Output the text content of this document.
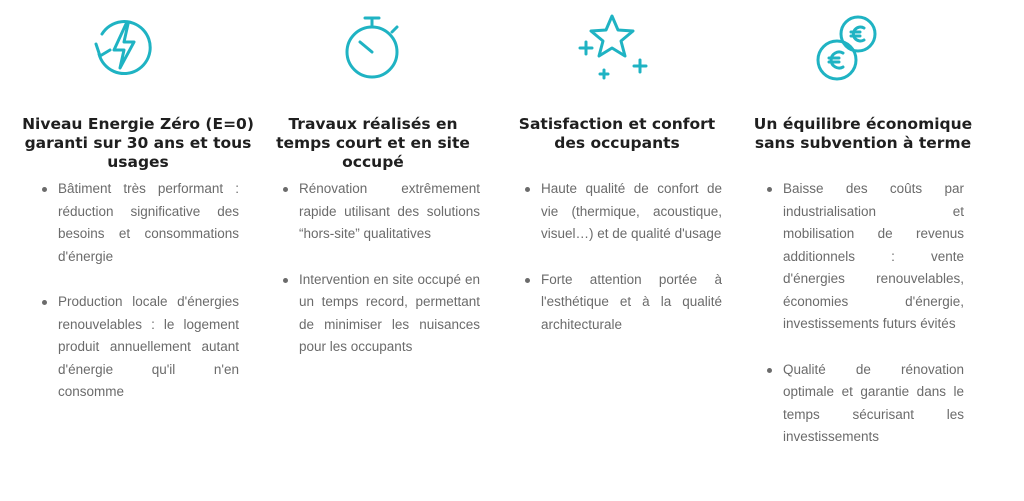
Niveau Energie Zéro (E=0) garanti sur 30 ans et tous usages
Bâtiment très performant : réduction significative des besoins et consommations d'énergie
Production locale d'énergies renouvelables : le logement produit annuellement autant d'énergie qu'il n'en consomme
Travaux réalisés en temps court et en site occupé
Rénovation extrêmement rapide utilisant des solutions “hors-site” qualitatives
Intervention en site occupé en un temps record, permettant de minimiser les nuisances pour les occupants
Satisfaction et confort des occupants
Haute qualité de confort de vie (thermique, acoustique, visuel…) et de qualité d'usage
Forte attention portée à l'esthétique et à la qualité architecturale
Un équilibre économique sans subvention à terme
Baisse des coûts par industrialisation et mobilisation de revenus additionnels : vente d'énergies renouvelables, économies d'énergie, investissements futurs évités
Qualité de rénovation optimale et garantie dans le temps sécurisant les investissements
